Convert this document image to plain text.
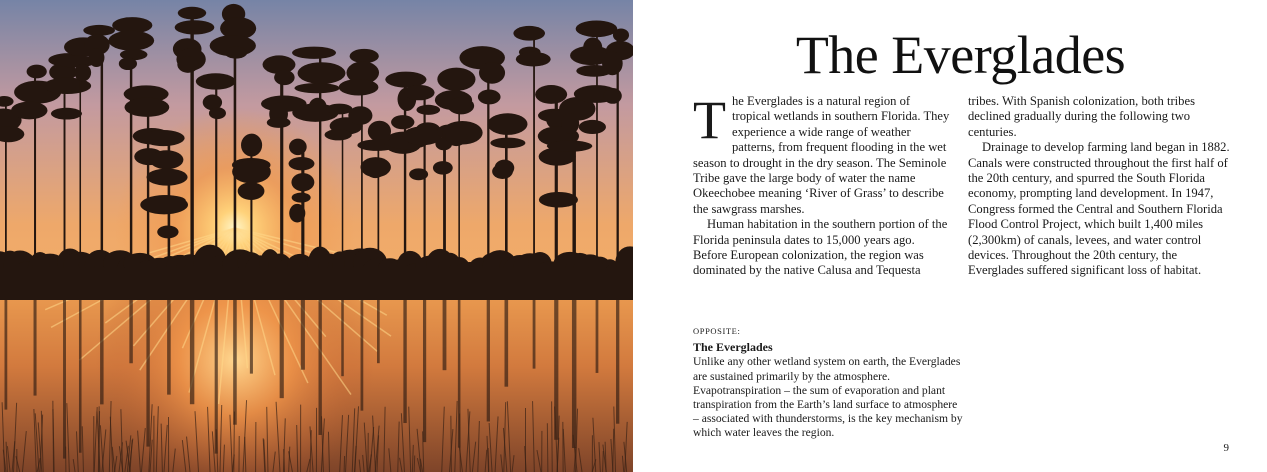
The Everglades

The Everglades is a natural region of tropical wetlands in southern Florida. They experience a wide range of weather patterns, from frequent flooding in the wet season to drought in the dry season. The Seminole Tribe gave the large body of water the name Okeechobee meaning ‘River of Grass’ to describe the sawgrass marshes.

Human habitation in the southern portion of the Florida peninsula dates to 15,000 years ago. Before European colonization, the region was dominated by the native Calusa and Tequesta

tribes. With Spanish colonization, both tribes declined gradually during the following two centuries.

Drainage to develop farming land began in 1882. Canals were constructed throughout the first half of the 20th century, and spurred the South Florida economy, prompting land development. In 1947, Congress formed the Central and Southern Florida Flood Control Project, which built 1,400 miles (2,300km) of canals, levees, and water control devices. Throughout the 20th century, the Everglades suffered significant loss of habitat.

OPPOSITE:
The Everglades

Unlike any other wetland system on earth, the Everglades are sustained primarily by the atmosphere. Evapotranspiration – the sum of evaporation and plant transpiration from the Earth’s land surface to atmosphere – associated with thunderstorms, is the key mechanism by which water leaves the region.

9
